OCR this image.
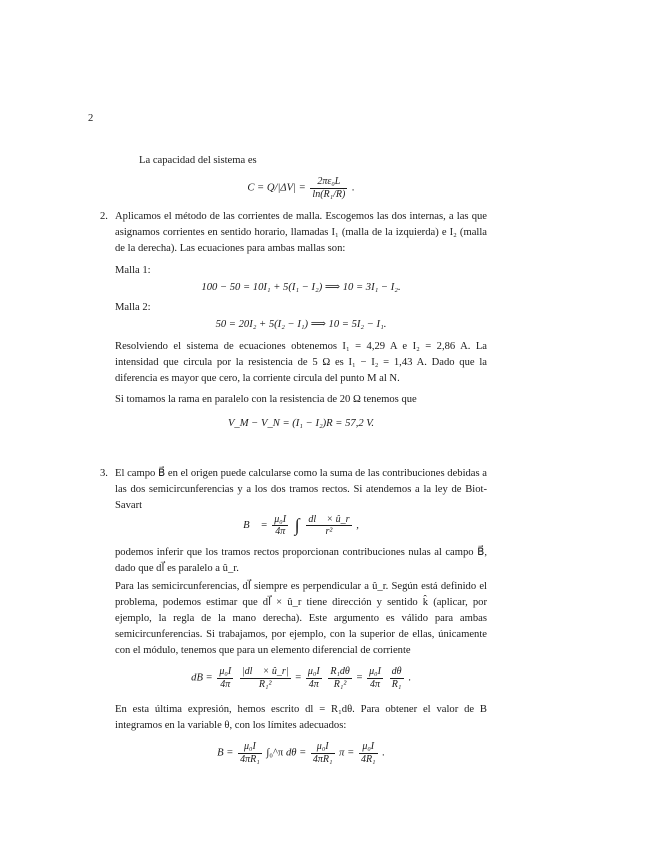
2
La capacidad del sistema es
$C = Q/|\Delta V| = \frac{\text{2πε₀L}}{\text{ln(R₁/R)}}$ .
2. Aplicamos el método de las corrientes de malla. Escogemos las dos internas, a las que asignamos corrientes en sentido horario, llamadas I₁ (malla de la izquierda) e I₂ (malla de la derecha). Las ecuaciones para ambas mallas son:
Malla 1:
100 − 50 = 10I₁ + 5(I₁ − I₂) ⟹ 10 = 3I₁ − I₂.
Malla 2:
50 = 20I₂ + 5(I₂ − I₁) ⟹ 10 = 5I₂ − I₁.
Resolviendo el sistema de ecuaciones obtenemos I₁ = 4,29 A e I₂ = 2,86 A. La intensidad que circula por la resistencia de 5 Ω es I₁ − I₂ = 1,43 A. Dado que la diferencia es mayor que cero, la corriente circula del punto M al N.
Si tomamos la rama en paralelo con la resistencia de 20 Ω tenemos que
V_M − V_N = (I₁ − I₂)R = 57,2 V.
3. El campo B⃗ en el origen puede calcularse como la suma de las contribuciones debidas a las dos semicircunferencias y a los dos tramos rectos. Si atendemos a la ley de Biot-Savart
B⃗ = $\frac{\text{μ₀I}}{4\pi}$ ∫ $\frac{dl⃗ \times û\_r}{\text{r²}}$ ,
podemos inferir que los tramos rectos proporcionan contribuciones nulas al campo B⃗, dado que dl⃗ es paralelo a û_r.
Para las semicircunferencias, dl⃗ siempre es perpendicular a û_r. Según está definido el problema, podemos estimar que dl⃗ × û_r tiene dirección y sentido k̂ (aplicar, por ejemplo, la regla de la mano derecha). Este argumento es válido para ambas semicircunferencias. Si trabajamos, por ejemplo, con la superior de ellas, únicamente con el módulo, tenemos que para un elemento diferencial de corriente
dB = $\frac{\text{μ₀I}}{4\pi}$
$\frac{|dl⃗ \times û\_r|}{\text{R₁²}} = \frac{\text{μ₀I}}{4\pi}$
$\frac{\text{R₁dθ}}{\text{R₁²}} = \frac{\text{μ₀I}}{4\pi}$
$\frac{d\theta}{\text{R₁}}$ .
En esta última expresión, hemos escrito dl = R₁dθ. Para obtener el valor de B integramos en la variable θ, con los límites adecuados:
$B = \frac{\text{μ₀I}}{\text{4πR₁}}$ ∫₀^π $d\theta = \frac{\text{μ₀I}}{\text{4πR₁}}$ $\pi = \frac{\text{μ₀I}}{\text{4R₁}}$ .
